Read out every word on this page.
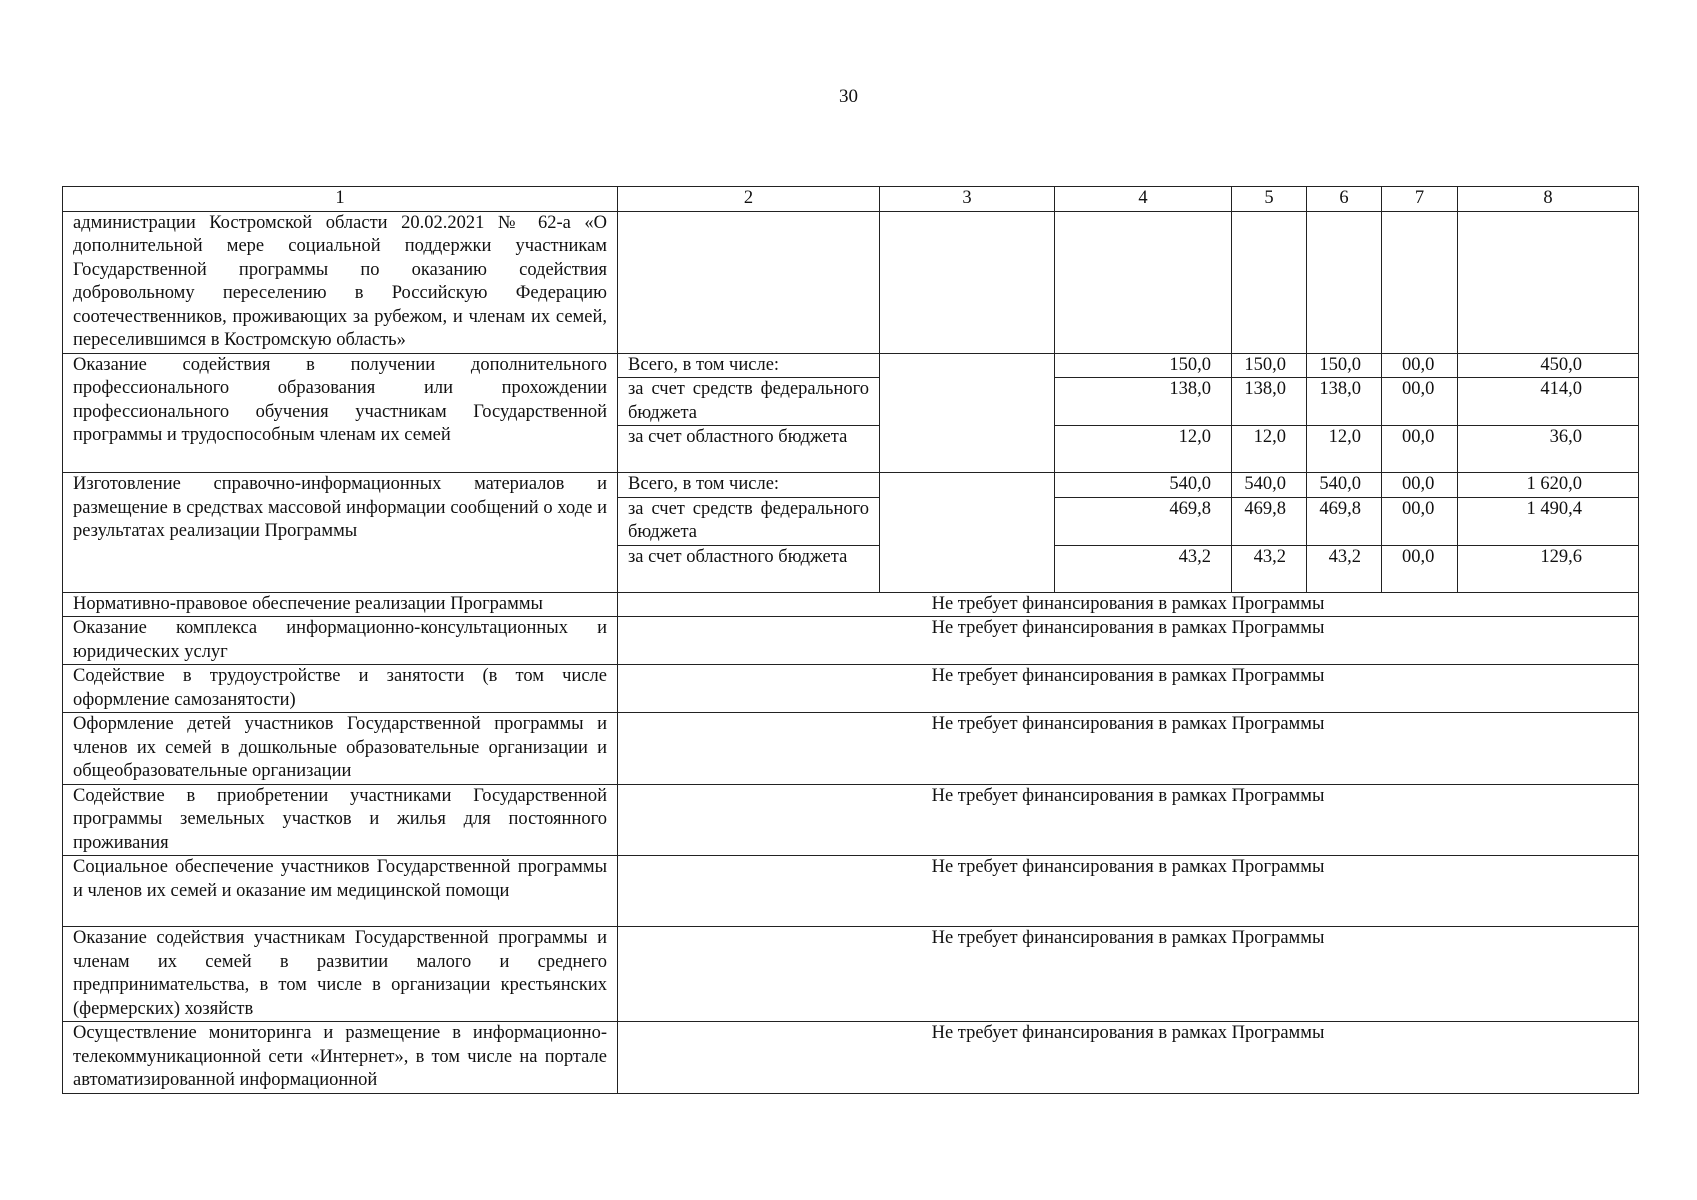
30
1	2	3	4	5	6	7	8
администрации Костромской области 20.02.2021 № 62-а «О дополнительной мере социальной поддержки участникам Государственной программы по оказанию содействия добровольному переселению в Российскую Федерацию соотечественников, проживающих за рубежом, и членам их семей, переселившимся в Костромскую область»							
Оказание содействия в получении дополнительного профессионального образования или прохождении профессионального обучения участникам Государственной программы и трудоспособным членам их семей	Всего, в том числе:		150,0	150,0	150,0	00,0	450,0
	за счет средств федерального бюджета		138,0	138,0	138,0	00,0	414,0
	за счет областного бюджета		12,0	12,0	12,0	00,0	36,0
Изготовление справочно-информационных материалов и размещение в средствах массовой информации сообщений о ходе и результатах реализации Программы	Всего, в том числе:		540,0	540,0	540,0	00,0	1 620,0
	за счет средств федерального бюджета		469,8	469,8	469,8	00,0	1 490,4
	за счет областного бюджета		43,2	43,2	43,2	00,0	129,6
Нормативно-правовое обеспечение реализации Программы	Не требует финансирования в рамках Программы						
Оказание комплекса информационно-консультационных и юридических услуг	Не требует финансирования в рамках Программы						
Содействие в трудоустройстве и занятости (в том числе оформление самозанятости)	Не требует финансирования в рамках Программы						
Оформление детей участников Государственной программы и членов их семей в дошкольные образовательные организации и общеобразовательные организации	Не требует финансирования в рамках Программы						
Содействие в приобретении участниками Государственной программы земельных участков и жилья для постоянного проживания	Не требует финансирования в рамках Программы						
Социальное обеспечение участников Государственной программы и членов их семей и оказание им медицинской помощи	Не требует финансирования в рамках Программы						
Оказание содействия участникам Государственной программы и членам их семей в развитии малого и среднего предпринимательства, в том числе в организации крестьянских (фермерских) хозяйств	Не требует финансирования в рамках Программы						
Осуществление мониторинга и размещение в информационно-телекоммуникационной сети «Интернет», в том числе на портале автоматизированной информационной	Не требует финансирования в рамках Программы						
